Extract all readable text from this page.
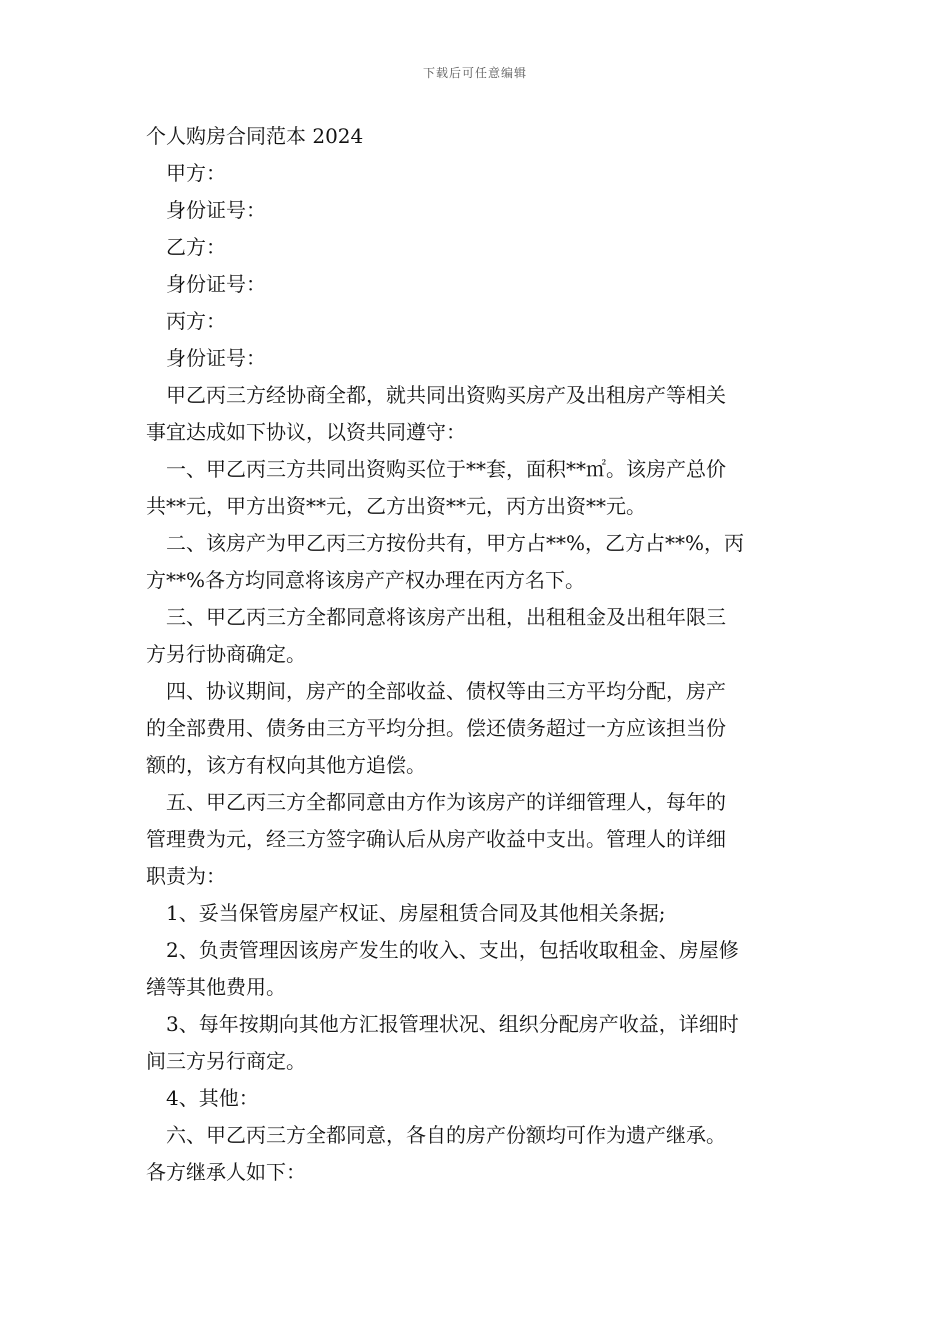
下载后可任意编辑
个人购房合同范本 2024
甲方：
身份证号：
乙方：
身份证号：
丙方：
身份证号：
甲乙丙三方经协商全都，就共同出资购买房产及出租房产等相关
事宜达成如下协议，以资共同遵守：
一、甲乙丙三方共同出资购买位于**套，面积**㎡。该房产总价
共**元，甲方出资**元，乙方出资**元，丙方出资**元。
二、该房产为甲乙丙三方按份共有，甲方占**%，乙方占**%，丙
方**%各方均同意将该房产产权办理在丙方名下。
三、甲乙丙三方全都同意将该房产出租，出租租金及出租年限三
方另行协商确定。
四、协议期间，房产的全部收益、债权等由三方平均分配，房产
的全部费用、债务由三方平均分担。偿还债务超过一方应该担当份
额的，该方有权向其他方追偿。
五、甲乙丙三方全都同意由方作为该房产的详细管理人，每年的
管理费为元，经三方签字确认后从房产收益中支出。管理人的详细
职责为：
1、妥当保管房屋产权证、房屋租赁合同及其他相关条据;
2、负责管理因该房产发生的收入、支出，包括收取租金、房屋修
缮等其他费用。
3、每年按期向其他方汇报管理状况、组织分配房产收益，详细时
间三方另行商定。
4、其他：
六、甲乙丙三方全都同意，各自的房产份额均可作为遗产继承。
各方继承人如下：
